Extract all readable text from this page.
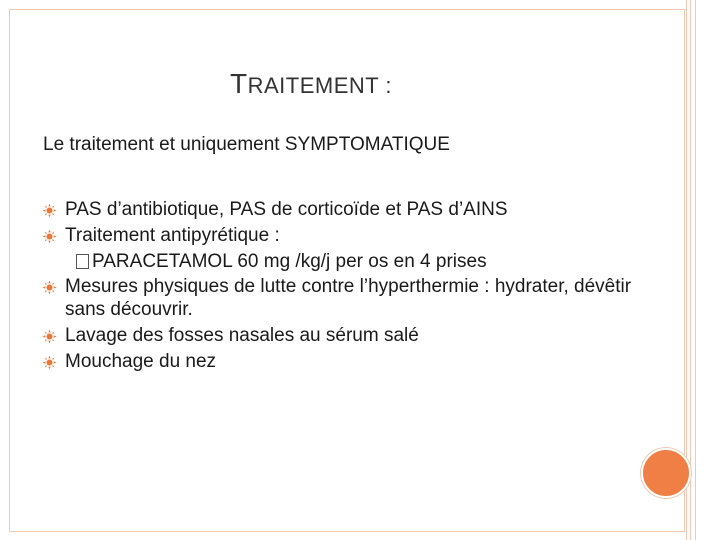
TRAITEMENT :
Le traitement et uniquement SYMPTOMATIQUE
PAS d’antibiotique, PAS de corticoïde et PAS d’AINS
Traitement antipyrétique :
PARACETAMOL 60 mg /kg/j per os en 4 prises
Mesures physiques de lutte contre l’hyperthermie : hydrater, dévêtir sans découvrir.
Lavage des fosses nasales au sérum salé
Mouchage du nez
